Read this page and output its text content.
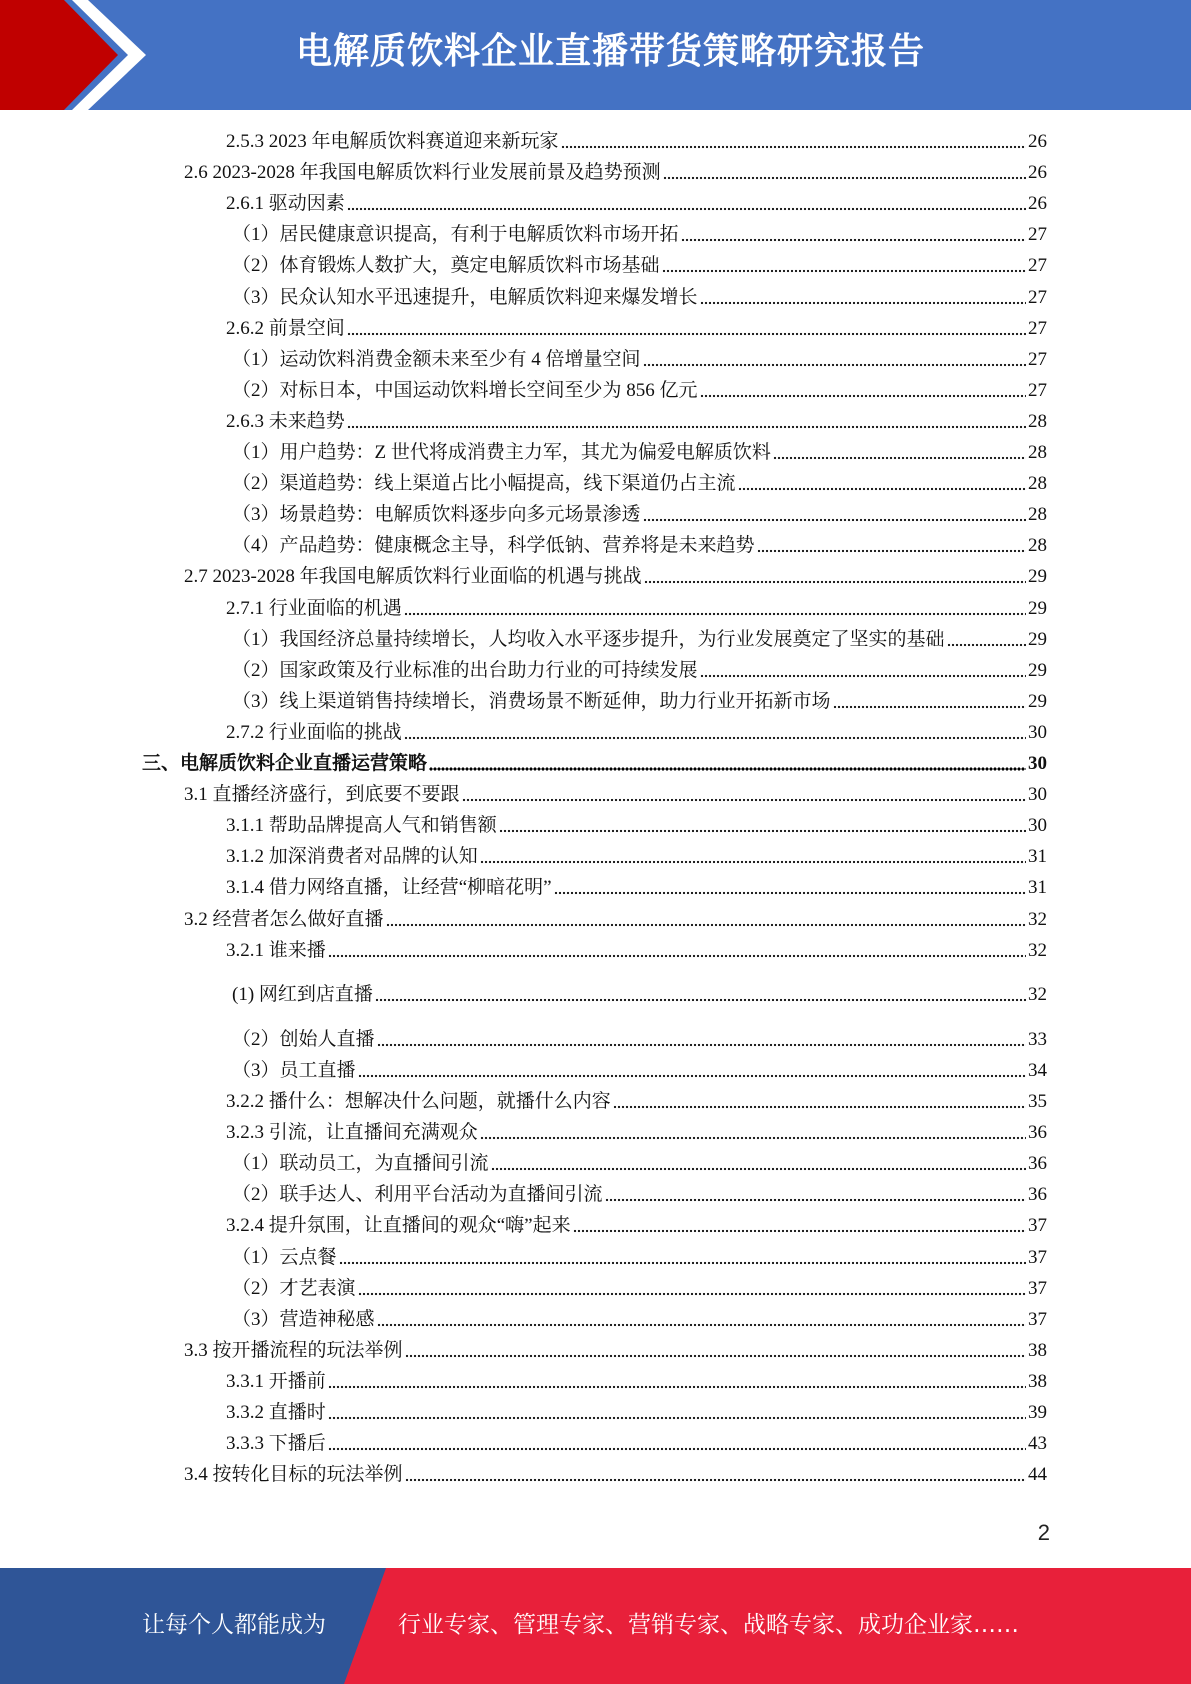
电解质饮料企业直播带货策略研究报告
2.5.3 2023 年电解质饮料赛道迎来新玩家	26
2.6 2023-2028 年我国电解质饮料行业发展前景及趋势预测	26
2.6.1 驱动因素	26
（1）居民健康意识提高，有利于电解质饮料市场开拓	27
（2）体育锻炼人数扩大，奠定电解质饮料市场基础	27
（3）民众认知水平迅速提升，电解质饮料迎来爆发增长	27
2.6.2 前景空间	27
（1）运动饮料消费金额未来至少有 4 倍增量空间	27
（2）对标日本，中国运动饮料增长空间至少为 856 亿元	27
2.6.3 未来趋势	28
（1）用户趋势：Z 世代将成消费主力军，其尤为偏爱电解质饮料	28
（2）渠道趋势：线上渠道占比小幅提高，线下渠道仍占主流	28
（3）场景趋势：电解质饮料逐步向多元场景渗透	28
（4）产品趋势：健康概念主导，科学低钠、营养将是未来趋势	28
2.7 2023-2028 年我国电解质饮料行业面临的机遇与挑战	29
2.7.1 行业面临的机遇	29
（1）我国经济总量持续增长，人均收入水平逐步提升，为行业发展奠定了坚实的基础	29
（2）国家政策及行业标准的出台助力行业的可持续发展	29
（3）线上渠道销售持续增长，消费场景不断延伸，助力行业开拓新市场	29
2.7.2 行业面临的挑战	30
三、电解质饮料企业直播运营策略	30
3.1 直播经济盛行，到底要不要跟	30
3.1.1 帮助品牌提高人气和销售额	30
3.1.2 加深消费者对品牌的认知	31
3.1.4 借力网络直播，让经营“柳暗花明”	31
3.2 经营者怎么做好直播	32
3.2.1 谁来播	32
(1) 网红到店直播	32
（2）创始人直播	33
（3）员工直播	34
3.2.2 播什么：想解决什么问题，就播什么内容	35
3.2.3 引流，让直播间充满观众	36
（1）联动员工，为直播间引流	36
（2）联手达人、利用平台活动为直播间引流	36
3.2.4 提升氛围，让直播间的观众“嗨”起来	37
（1）云点餐	37
（2）才艺表演	37
（3）营造神秘感	37
3.3 按开播流程的玩法举例	38
3.3.1 开播前	38
3.3.2 直播时	39
3.3.3 下播后	43
3.4 按转化目标的玩法举例	44
2
让每个人都能成为	行业专家、管理专家、营销专家、战略专家、成功企业家……
